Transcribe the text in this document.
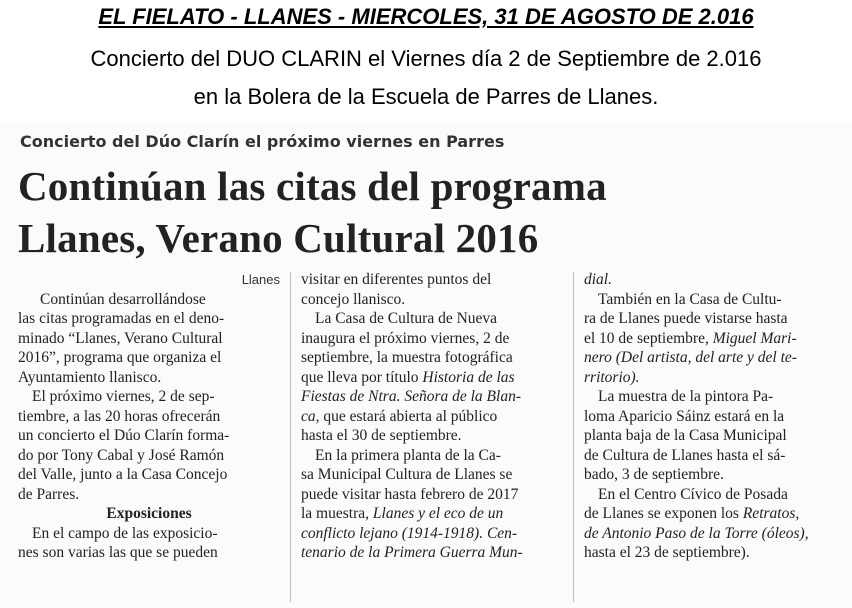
EL FIELATO - LLANES - MIERCOLES, 31 DE AGOSTO DE 2.016
Concierto del DUO CLARIN el Viernes día 2 de Septiembre de 2.016
en la Bolera de la Escuela de Parres de Llanes.
Concierto del Dúo Clarín el próximo viernes en Parres
Continúan las citas del programa
Llanes, Verano Cultural 2016
Llanes
Continúan desarrollándose
las citas programadas en el deno-
minado “Llanes, Verano Cultural
2016”, programa que organiza el
Ayuntamiento llanisco.
El próximo viernes, 2 de sep-
tiembre, a las 20 horas ofrecerán
un concierto el Dúo Clarín forma-
do por Tony Cabal y José Ramón
del Valle, junto a la Casa Concejo
de Parres.
Exposiciones
En el campo de las exposicio-
nes son varias las que se pueden
visitar en diferentes puntos del
concejo llanisco.
La Casa de Cultura de Nueva
inaugura el próximo viernes, 2 de
septiembre, la muestra fotográfica
que lleva por título Historia de las
Fiestas de Ntra. Señora de la Blan-
ca, que estará abierta al público
hasta el 30 de septiembre.
En la primera planta de la Ca-
sa Municipal Cultura de Llanes se
puede visitar hasta febrero de 2017
la muestra, Llanes y el eco de un
conflicto lejano (1914-1918). Cen-
tenario de la Primera Guerra Mun-
dial.
También en la Casa de Cultu-
ra de Llanes puede vistarse hasta
el 10 de septiembre, Miguel Mari-
nero (Del artista, del arte y del te-
rritorio).
La muestra de la pintora Pa-
loma Aparicio Sáinz estará en la
planta baja de la Casa Municipal
de Cultura de Llanes hasta el sá-
bado, 3 de septiembre.
En el Centro Cívico de Posada
de Llanes se exponen los Retratos,
de Antonio Paso de la Torre (óleos),
hasta el 23 de septiembre).
